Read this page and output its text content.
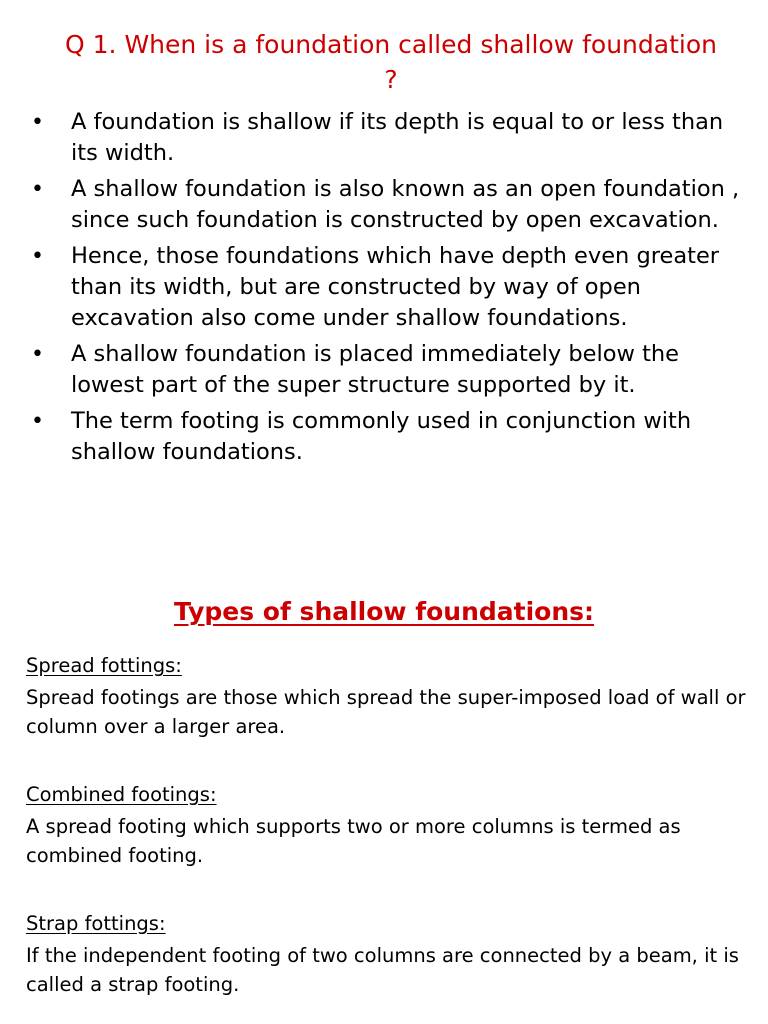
Q 1. When is a foundation called shallow foundation ?
• A foundation is shallow if its depth is equal to or less than its width.
• A shallow foundation is also known as an open foundation , since such foundation is constructed by open excavation.
• Hence, those foundations which have depth even greater than its width, but are constructed by way of open excavation also come under shallow foundations.
• A shallow foundation is placed immediately below the lowest part of the super structure supported by it.
• The term footing is commonly used in conjunction with shallow foundations.
Types of shallow foundations:

Spread fottings:

Spread footings are those which spread the super-imposed load of wall or column over a larger area.

Combined footings:

A spread footing which supports two or more columns is termed as combined footing.

Strap fottings:

If the independent footing of two columns are connected by a beam, it is called a strap footing.
